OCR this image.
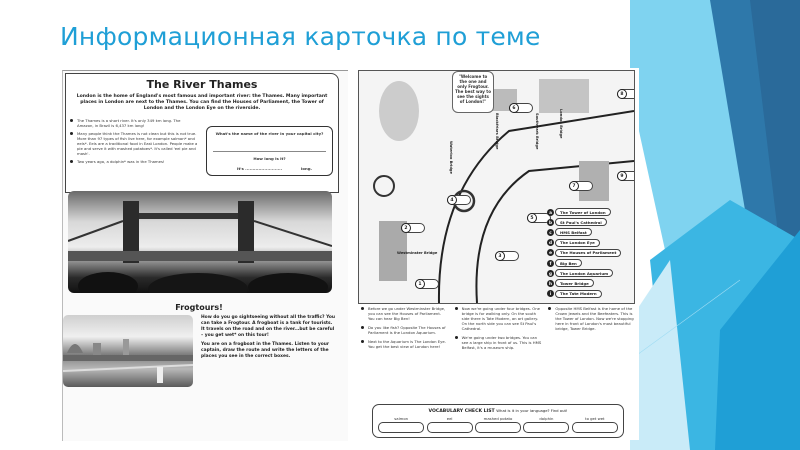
Информационная карточка по теме
The River Thames
London is the home of England's most famous and important river: the Thames. Many important places in London are next to the Thames. You can find the Houses of Parliament, the Tower of London and the London Eye on the riverside.
The Thames is a short river. It's only 349 km long. The Amazon, in Brazil is 6,437 km long!
Many people think the Thames is not clean but this is not true. More than 97 types of fish live here, for example salmon* and eels*. Eels are a traditional food in East London. People make a pie and serve it with mashed potatoes*. It's called 'eel pie and mash'.
Two years ago, a dolphin* was in the Thames!
What's the name of the river in your capital city?
How long is it?
It's .........................	long.
Frogtours!

How do you go sightseeing without all the traffic? You can take a Frogtour. A frogboat is a tank for tourists. It travels on the road and on the river...but be careful – you get wet* on this tour!

You are on a frogboat in the Thames. Listen to your captain, draw the route and write the letters of the places you see in the correct boxes.

"Welcome to the one and only Frogtour. The best way to see the sights of London!"
Westminster Bridge
Waterloo Bridge
Blackfriars Bridge	Southwark Bridge	London Bridge
1
2
3
4
5
6
7
8
9
a	The Tower of London
b	St Paul's Cathedral
c	HMS Belfast
d	The London Eye
e	The Houses of Parliament
f	Big Ben
g	The London Aquarium
h	Tower Bridge
i	The Tate Modern
Before we go under Westminster Bridge, you can see the Houses of Parliament. You can hear Big Ben!
Do you like fish? Opposite The Houses of Parliament is the London Aquarium.
Next to the Aquarium is The London Eye. You get the best view of London here!
Now we're going under four bridges. One bridge is for walking only. On the south side there is Tate Modern, an art gallery. On the north side you can see St Paul's Cathedral.
We're going under two bridges. You can see a large ship in front of us. This is HMS Belfast, it's a museum ship.
Opposite HMS Belfast is the home of the Crown Jewels and the Beefeaters. This is the Tower of London. Now we're stopping here in front of London's most beautiful bridge, Tower Bridge.
VOCABULARY CHECK LIST What is it in your language? Find out!
salmon	eel	mashed potato	dolphin	to get wet
